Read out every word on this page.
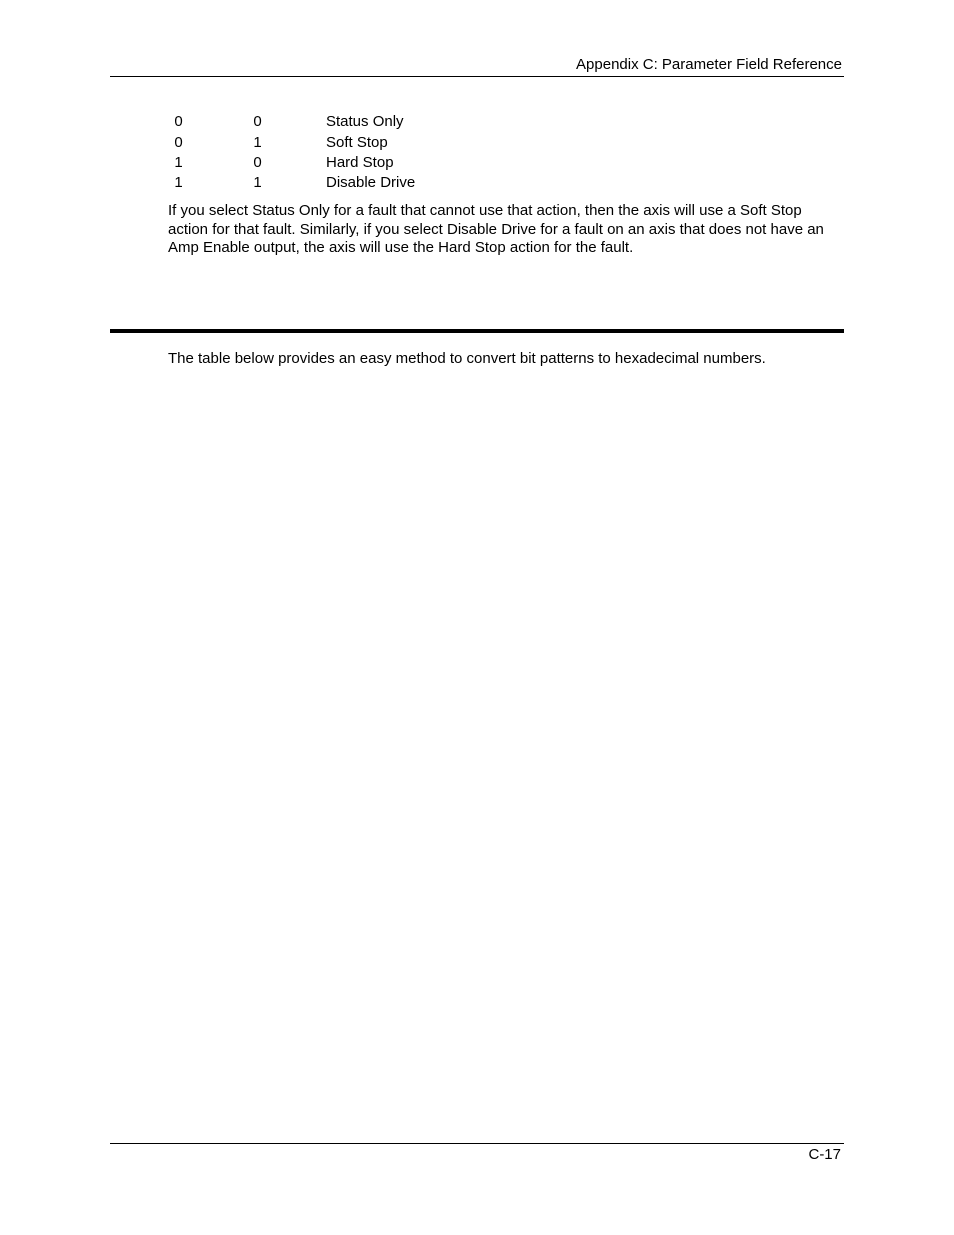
Appendix C: Parameter Field Reference
0		0		Status Only
0		1		Soft Stop
1		0		Hard Stop
1		1		Disable Drive

If you select Status Only for a fault that cannot use that action, then the axis will use a Soft Stop action for that fault. Similarly, if you select Disable Drive for a fault on an axis that does not have an Amp Enable output, the axis will use the Hard Stop action for the fault.

The table below provides an easy method to convert bit patterns to hexadecimal numbers.

C-17
